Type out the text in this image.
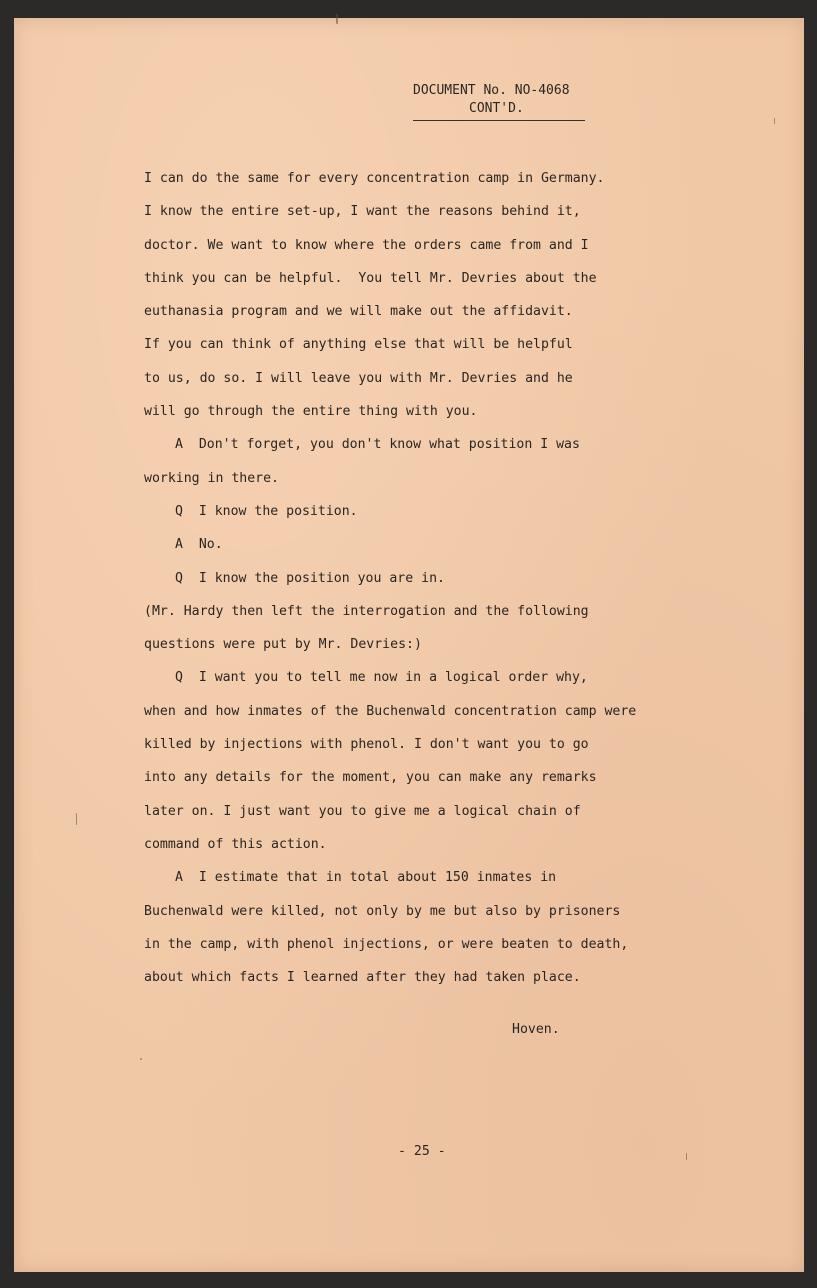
DOCUMENT No. NO-4068
CONT'D.

I can do the same for every concentration camp in Germany.

I know the entire set-up, I want the reasons behind it,

doctor. We want to know where the orders came from and I

think you can be helpful.  You tell Mr. Devries about the

euthanasia program and we will make out the affidavit.

If you can think of anything else that will be helpful

to us, do so. I will leave you with Mr. Devries and he

will go through the entire thing with you.

A  Don't forget, you don't know what position I was

working in there.

Q  I know the position.

A  No.

Q  I know the position you are in.

(Mr. Hardy then left the interrogation and the following

questions were put by Mr. Devries:)

Q  I want you to tell me now in a logical order why,

when and how inmates of the Buchenwald concentration camp were

killed by injections with phenol. I don't want you to go

into any details for the moment, you can make any remarks

later on. I just want you to give me a logical chain of

command of this action.

A  I estimate that in total about 150 inmates in

Buchenwald were killed, not only by me but also by prisoners

in the camp, with phenol injections, or were beaten to death,

about which facts I learned after they had taken place.

Hoven.
- 25 -
